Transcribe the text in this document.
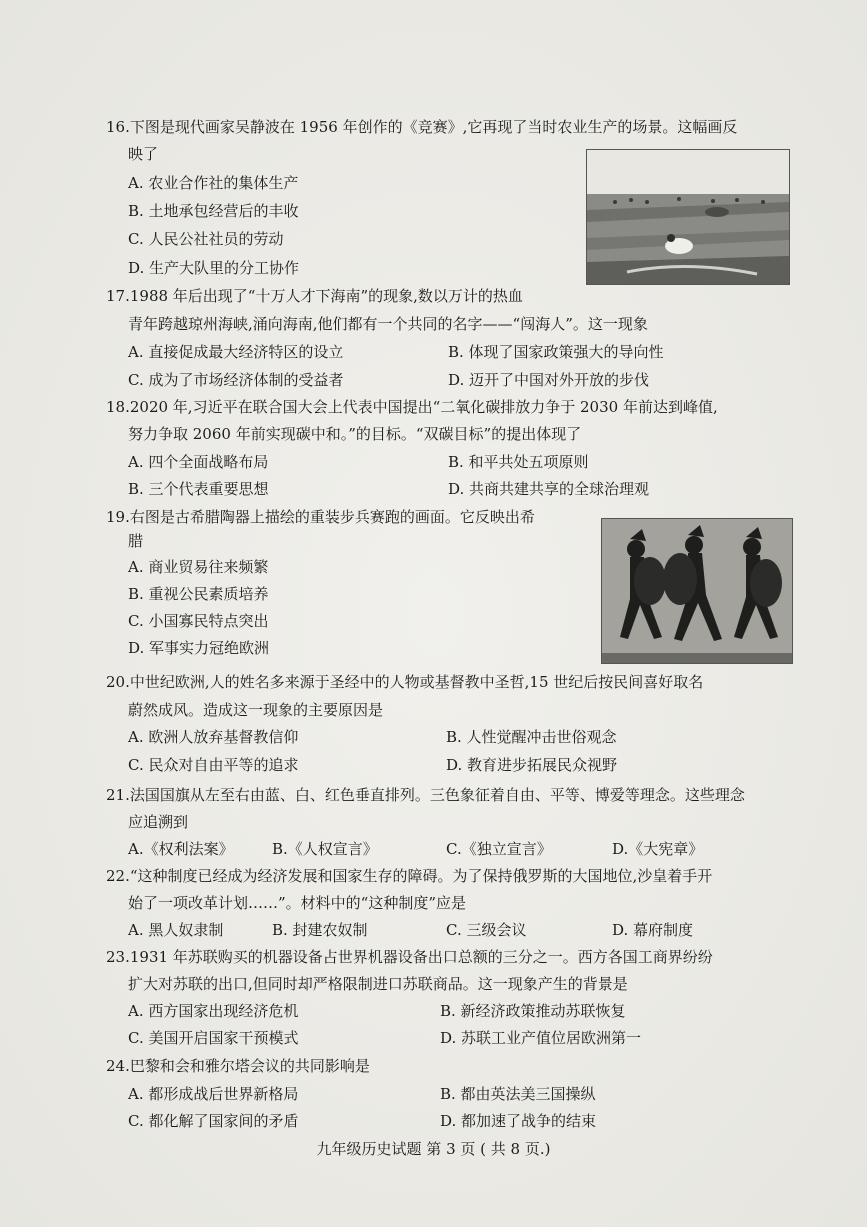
16.下图是现代画家吴静波在 1956 年创作的《竞赛》,它再现了当时农业生产的场景。这幅画反
映了
A. 农业合作社的集体生产
B. 土地承包经营后的丰收
C. 人民公社社员的劳动
D. 生产大队里的分工协作
17.1988 年后出现了“十万人才下海南”的现象,数以万计的热血
青年跨越琼州海峡,涌向海南,他们都有一个共同的名字——“闯海人”。这一现象
A. 直接促成最大经济特区的设立	B. 体现了国家政策强大的导向性
C. 成为了市场经济体制的受益者	D. 迈开了中国对外开放的步伐
18.2020 年,习近平在联合国大会上代表中国提出“二氧化碳排放力争于 2030 年前达到峰值,
努力争取 2060 年前实现碳中和。”的目标。“双碳目标”的提出体现了
A. 四个全面战略布局	B. 和平共处五项原则
B. 三个代表重要思想	D. 共商共建共享的全球治理观
19.右图是古希腊陶器上描绘的重装步兵赛跑的画面。它反映出希
腊
A. 商业贸易往来频繁
B. 重视公民素质培养
C. 小国寡民特点突出
D. 军事实力冠绝欧洲
20.中世纪欧洲,人的姓名多来源于圣经中的人物或基督教中圣哲,15 世纪后按民间喜好取名
蔚然成风。造成这一现象的主要原因是
A. 欧洲人放弃基督教信仰	B. 人性觉醒冲击世俗观念
C. 民众对自由平等的追求	D. 教育进步拓展民众视野
21.法国国旗从左至右由蓝、白、红色垂直排列。三色象征着自由、平等、博爱等理念。这些理念
应追溯到
A.《权利法案》	B.《人权宣言》	C.《独立宣言》	D.《大宪章》
22.“这种制度已经成为经济发展和国家生存的障碍。为了保持俄罗斯的大国地位,沙皇着手开
始了一项改革计划……”。材料中的“这种制度”应是
A. 黑人奴隶制	B. 封建农奴制	C. 三级会议	D. 幕府制度
23.1931 年苏联购买的机器设备占世界机器设备出口总额的三分之一。西方各国工商界纷纷
扩大对苏联的出口,但同时却严格限制进口苏联商品。这一现象产生的背景是
A. 西方国家出现经济危机	B. 新经济政策推动苏联恢复
C. 美国开启国家干预模式	D. 苏联工业产值位居欧洲第一
24.巴黎和会和雅尔塔会议的共同影响是
A. 都形成战后世界新格局	B. 都由英法美三国操纵
C. 都化解了国家间的矛盾	D. 都加速了战争的结束
九年级历史试题 第 3 页 ( 共 8 页.)
